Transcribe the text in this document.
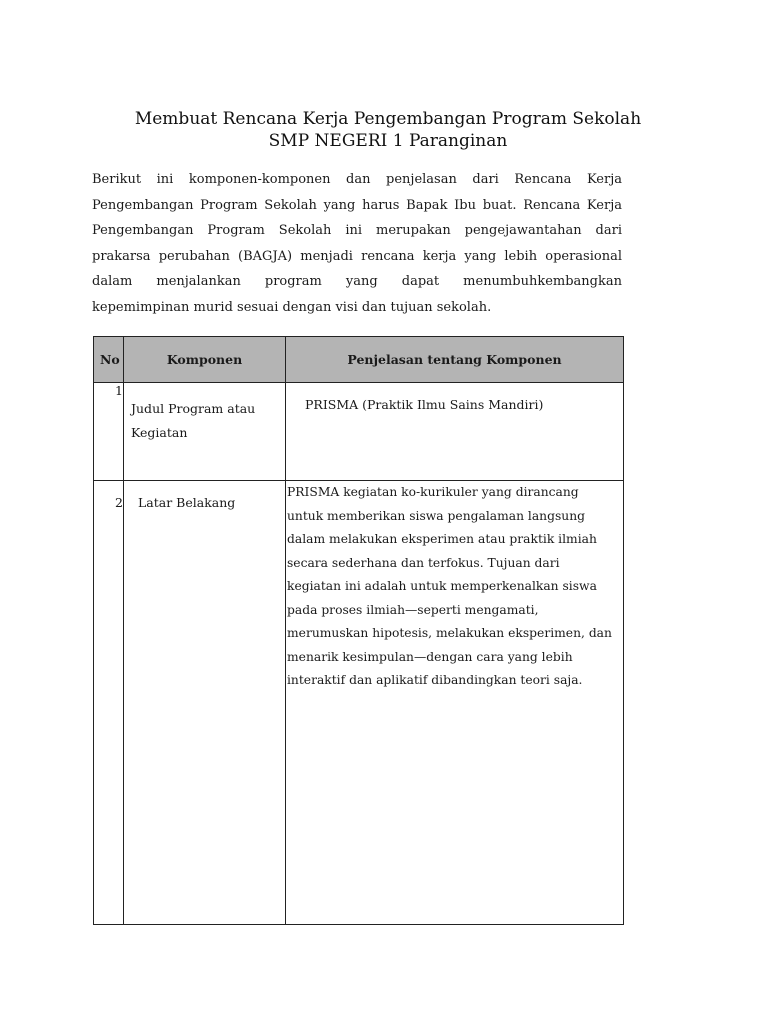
Membuat Rencana Kerja Pengembangan Program Sekolah
SMP NEGERI 1 Paranginan

Berikut ini komponen-komponen dan penjelasan dari Rencana Kerja Pengembangan Program Sekolah yang harus Bapak Ibu buat. Rencana Kerja Pengembangan Program Sekolah ini merupakan pengejawantahan dari prakarsa perubahan (BAGJA) menjadi rencana kerja yang lebih operasional dalam menjalankan program yang dapat menumbuhkembangkan kepemimpinan murid sesuai dengan visi dan tujuan sekolah.

No	Komponen	Penjelasan tentang Komponen
1	Judul Program atau Kegiatan	PRISMA (Praktik Ilmu Sains Mandiri)
2	Latar Belakang	PRISMA kegiatan ko-kurikuler yang dirancang untuk memberikan siswa pengalaman langsung dalam melakukan eksperimen atau praktik ilmiah secara sederhana dan terfokus. Tujuan dari kegiatan ini adalah untuk memperkenalkan siswa pada proses ilmiah—seperti mengamati, merumuskan hipotesis, melakukan eksperimen, dan menarik kesimpulan—dengan cara yang lebih interaktif dan aplikatif dibandingkan teori saja.
